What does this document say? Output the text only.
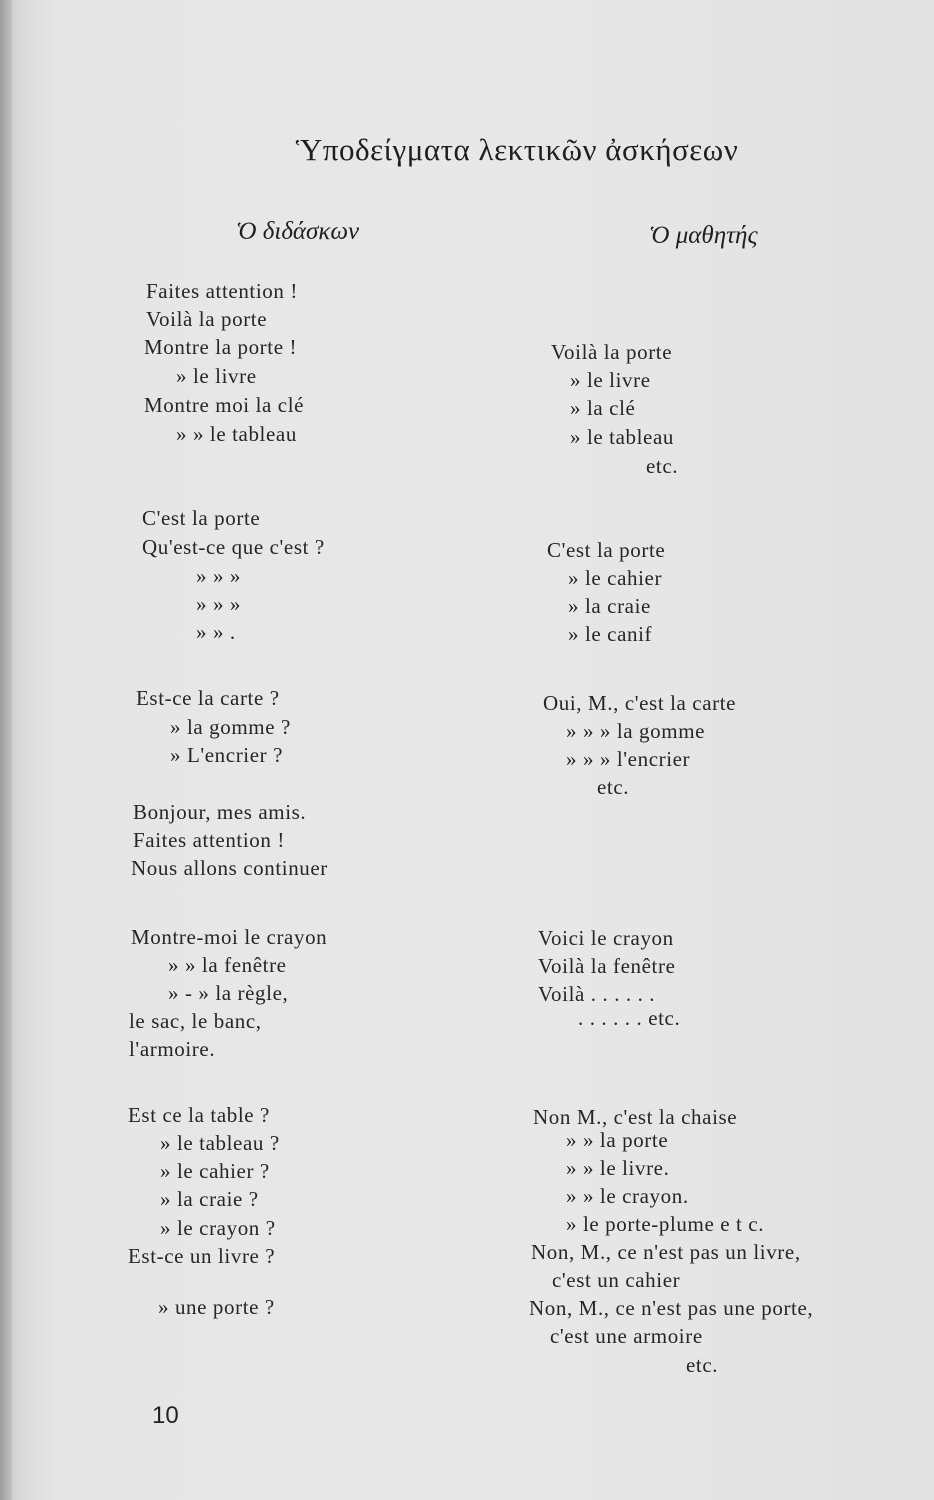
Ὑποδείγματα λεκτικῶν ἀσκήσεων
Ὁ διδάσκων	Ὁ μαθητής
Faites attention !
Voilà la porte
Montre la porte !
» le livre
Montre moi la clé
» » le tableau
Voilà la porte
» le livre
» la clé
» le tableau
etc.
C'est la porte
Qu'est-ce que c'est ?
» » »
» » »
» » .
C'est la porte
» le cahier
» la craie
» le canif
Est-ce la carte ?
» la gomme ?
» L'encrier ?
Oui, M., c'est la carte
» » » la gomme
» » » l'encrier
etc.
Bonjour, mes amis.
Faites attention !
Nous allons continuer
Montre-moi le crayon
» » la fenêtre
» - » la règle,
le sac, le banc,
l'armoire.
Voici le crayon
Voilà la fenêtre
Voilà . . . . . .
. . . . . . etc.
Est ce la table ?
» le tableau ?
» le cahier ?
» la craie ?
» le crayon ?
Est-ce un livre ?
» une porte ?
Non M., c'est la chaise
» » la porte
» » le livre.
» » le crayon.
» le porte-plume e t c.
Non, M., ce n'est pas un livre,
c'est un cahier
Non, M., ce n'est pas une porte,
c'est une armoire
etc.
10
